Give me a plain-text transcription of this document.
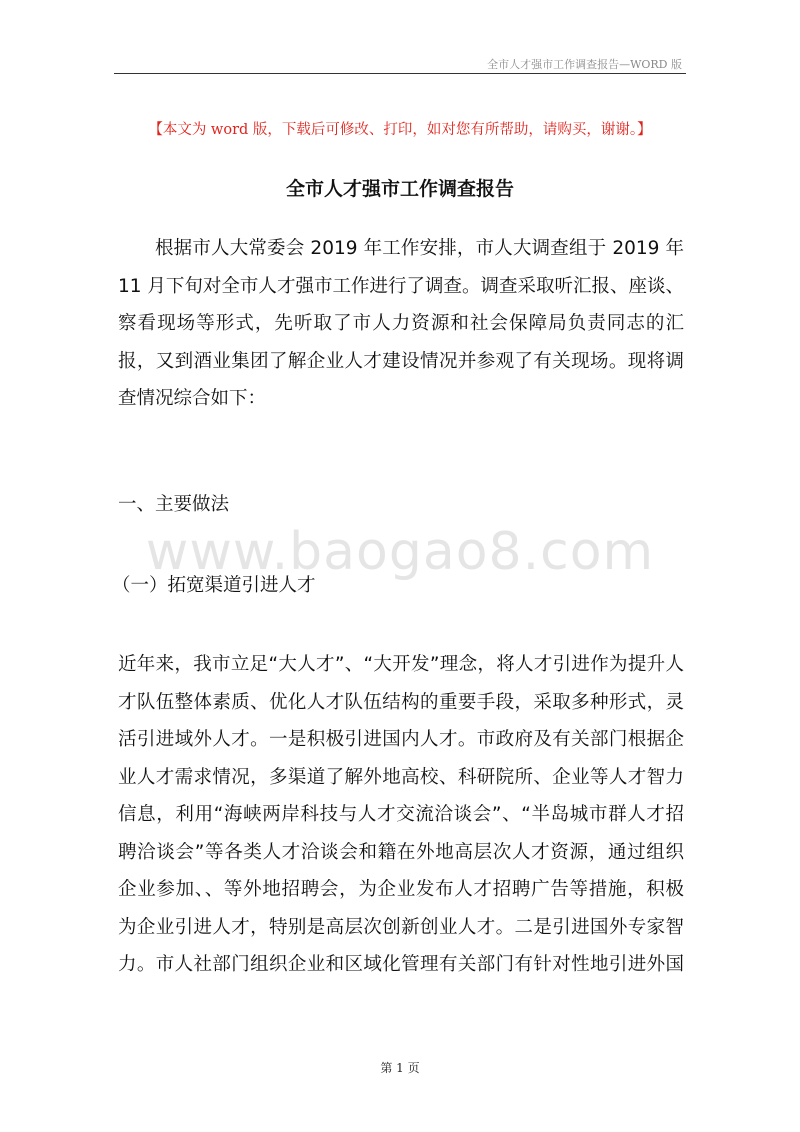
全市人才强市工作调查报告—WORD 版
【本文为 word 版，下载后可修改、打印，如对您有所帮助，请购买，谢谢。】
全市人才强市工作调查报告
根据市人大常委会 2019 年工作安排，市人大调查组于 2019 年
11 月下旬对全市人才强市工作进行了调查。调查采取听汇报、座谈、
察看现场等形式，先听取了市人力资源和社会保障局负责同志的汇
报，又到酒业集团了解企业人才建设情况并参观了有关现场。现将调
查情况综合如下：
一、主要做法
www.baogao8.com
（一）拓宽渠道引进人才
近年来，我市立足“大人才”、“大开发”理念，将人才引进作为提升人
才队伍整体素质、优化人才队伍结构的重要手段，采取多种形式，灵
活引进域外人才。一是积极引进国内人才。市政府及有关部门根据企
业人才需求情况，多渠道了解外地高校、科研院所、企业等人才智力
信息，利用“海峡两岸科技与人才交流洽谈会”、“半岛城市群人才招
聘洽谈会”等各类人才洽谈会和籍在外地高层次人才资源，通过组织
企业参加、、等外地招聘会，为企业发布人才招聘广告等措施，积极
为企业引进人才，特别是高层次创新创业人才。二是引进国外专家智
力。市人社部门组织企业和区域化管理有关部门有针对性地引进外国
第 1 页
